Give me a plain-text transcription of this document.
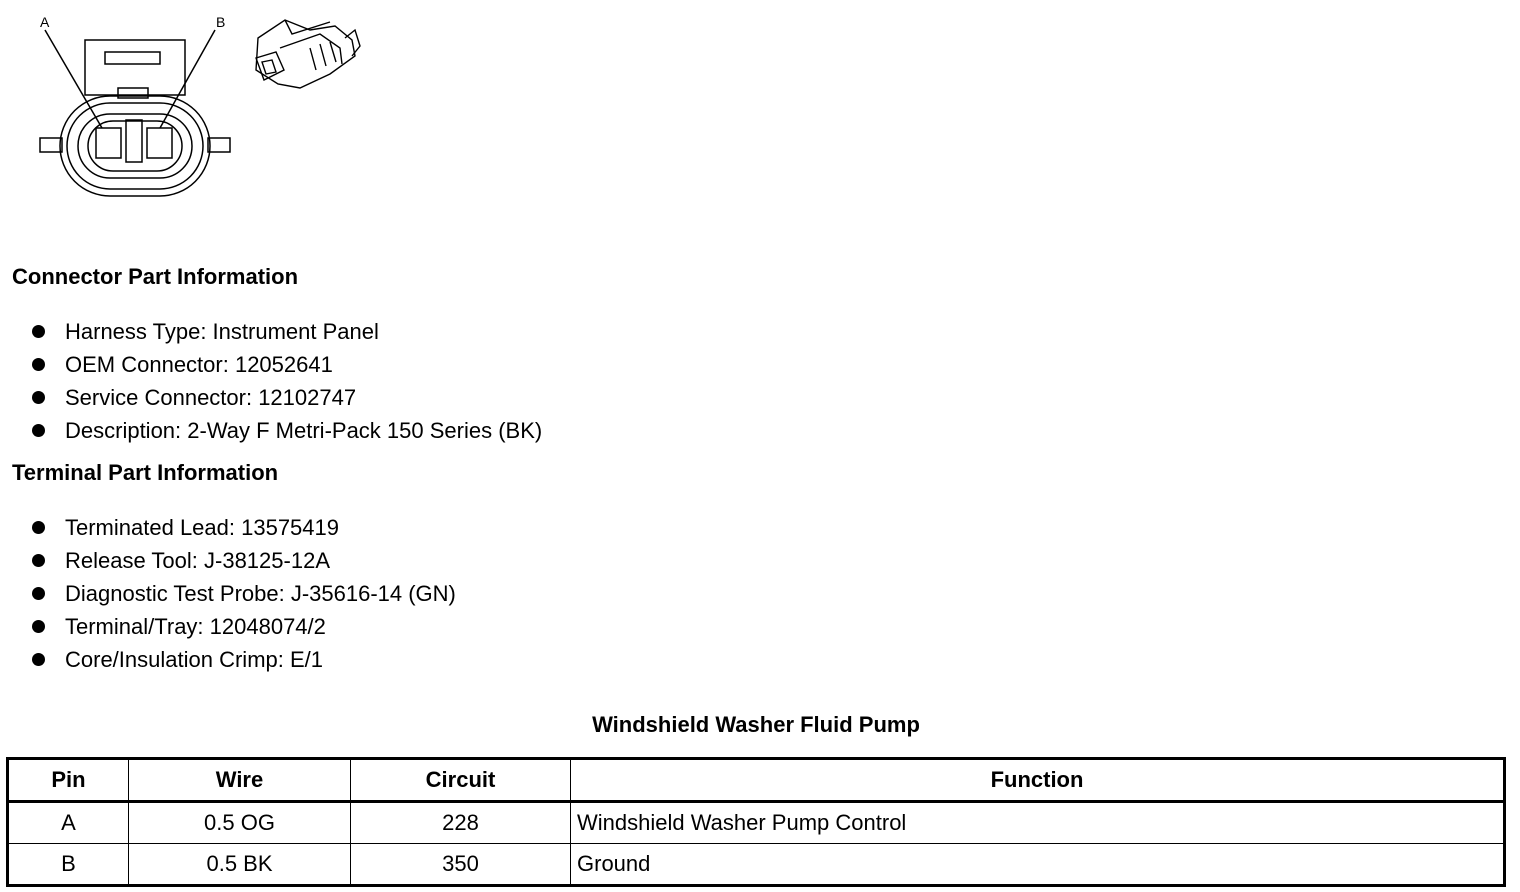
A	B
Connector Part Information
Harness Type: Instrument Panel
OEM Connector: 12052641
Service Connector: 12102747
Description: 2-Way F Metri-Pack 150 Series (BK)
Terminal Part Information
Terminated Lead: 13575419
Release Tool: J-38125-12A
Diagnostic Test Probe: J-35616-14 (GN)
Terminal/Tray: 12048074/2
Core/Insulation Crimp: E/1
Windshield Washer Fluid Pump
Pin	Wire	Circuit	Function
A	0.5 OG	228	Windshield Washer Pump Control
B	0.5 BK	350	Ground
